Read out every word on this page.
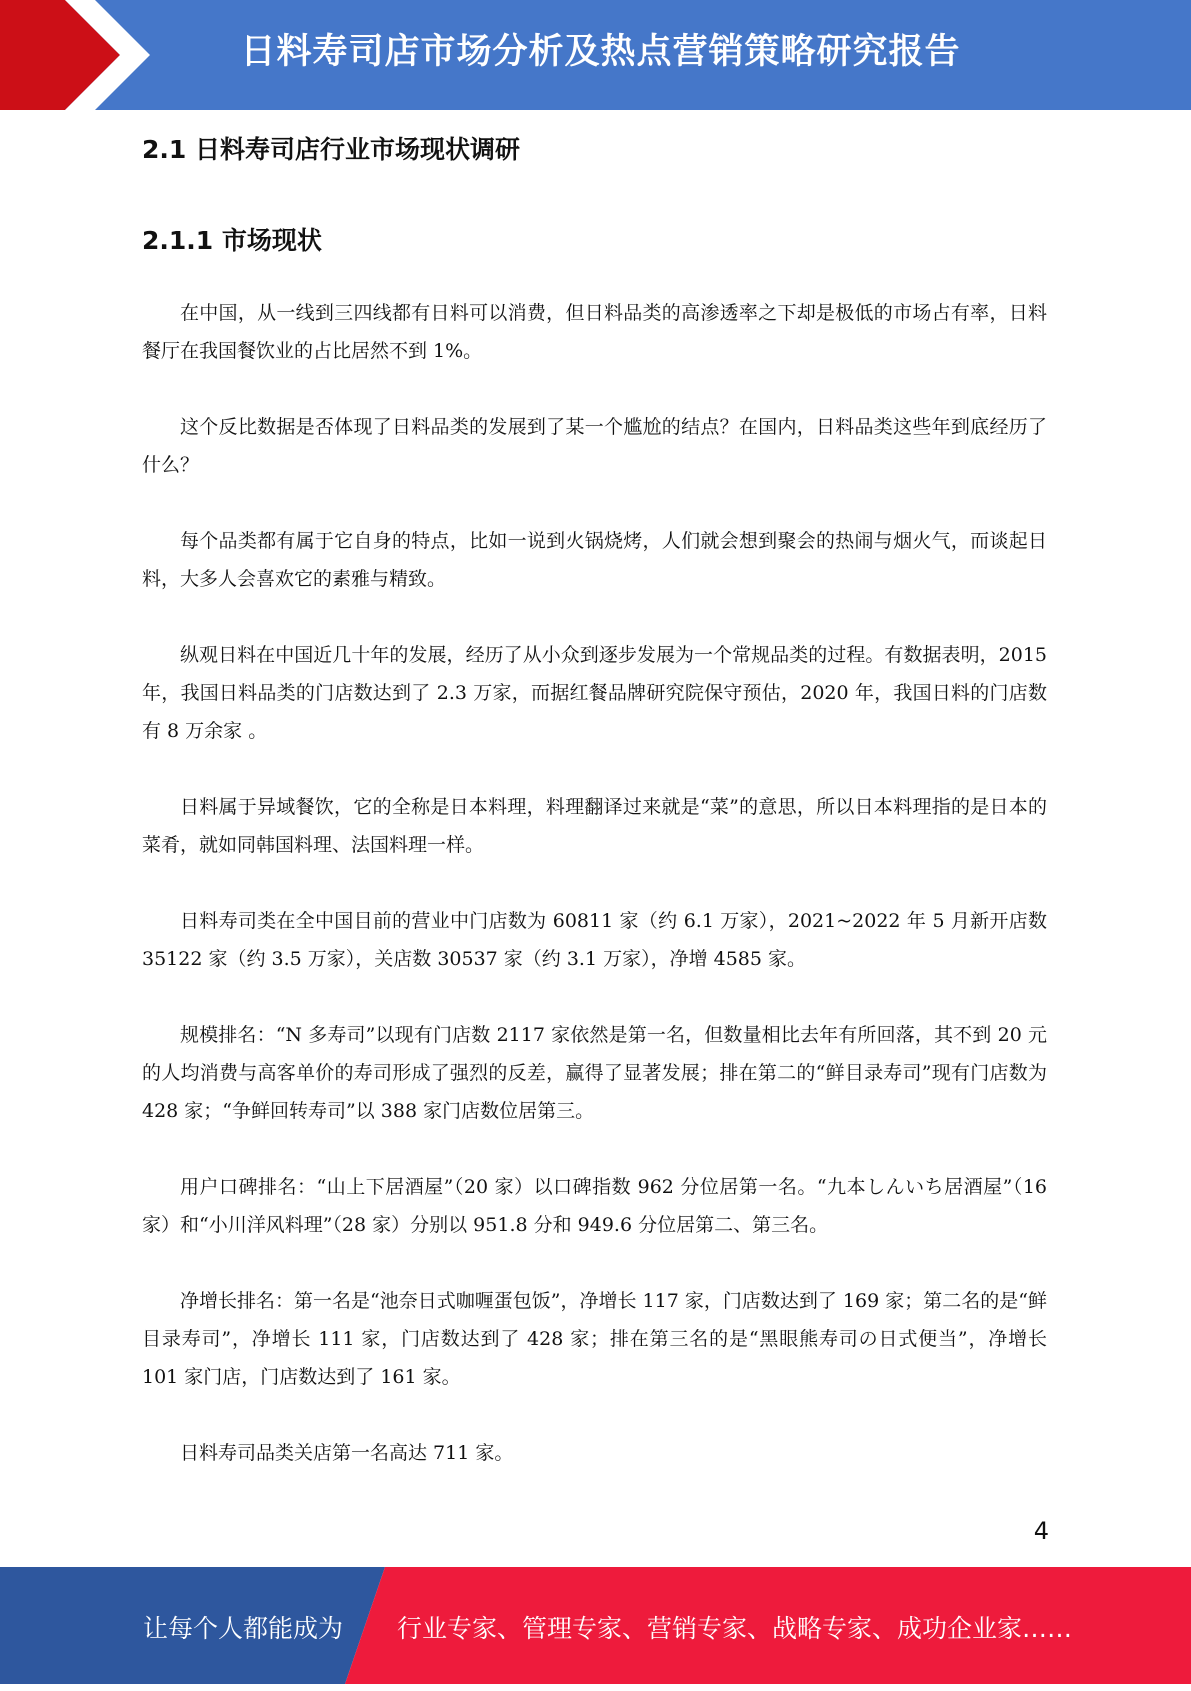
日料寿司店市场分析及热点营销策略研究报告
2.1 日料寿司店行业市场现状调研
2.1.1 市场现状

在中国，从一线到三四线都有日料可以消费，但日料品类的高渗透率之下却是极低的市场占有率，日料餐厅在我国餐饮业的占比居然不到 1%。

这个反比数据是否体现了日料品类的发展到了某一个尴尬的结点？在国内，日料品类这些年到底经历了什么？

每个品类都有属于它自身的特点，比如一说到火锅烧烤，人们就会想到聚会的热闹与烟火气，而谈起日料，大多人会喜欢它的素雅与精致。

纵观日料在中国近几十年的发展，经历了从小众到逐步发展为一个常规品类的过程。有数据表明，2015 年，我国日料品类的门店数达到了 2.3 万家，而据红餐品牌研究院保守预估，2020 年，我国日料的门店数有 8 万余家 。

日料属于异域餐饮，它的全称是日本料理，料理翻译过来就是“菜”的意思，所以日本料理指的是日本的菜肴，就如同韩国料理、法国料理一样。

日料寿司类在全中国目前的营业中门店数为 60811 家（约 6.1 万家），2021~2022 年 5 月新开店数 35122 家（约 3.5 万家），关店数 30537 家（约 3.1 万家），净增 4585 家。

规模排名：“N 多寿司”以现有门店数 2117 家依然是第一名，但数量相比去年有所回落，其不到 20 元的人均消费与高客单价的寿司形成了强烈的反差，赢得了显著发展；排在第二的“鲜目录寿司”现有门店数为 428 家；“争鲜回转寿司”以 388 家门店数位居第三。

用户口碑排名：“山上下居酒屋”（20 家）以口碑指数 962 分位居第一名。“九本しんいち居酒屋”（16 家）和“小川洋风料理”（28 家）分别以 951.8 分和 949.6 分位居第二、第三名。

净增长排名：第一名是“池奈日式咖喱蛋包饭”，净增长 117 家，门店数达到了 169 家；第二名的是“鲜目录寿司”，净增长 111 家，门店数达到了 428 家；排在第三名的是“黑眼熊寿司の日式便当”，净增长 101 家门店，门店数达到了 161 家。

日料寿司品类关店第一名高达 711 家。

4
让每个人都能成为 行业专家、管理专家、营销专家、战略专家、成功企业家……
